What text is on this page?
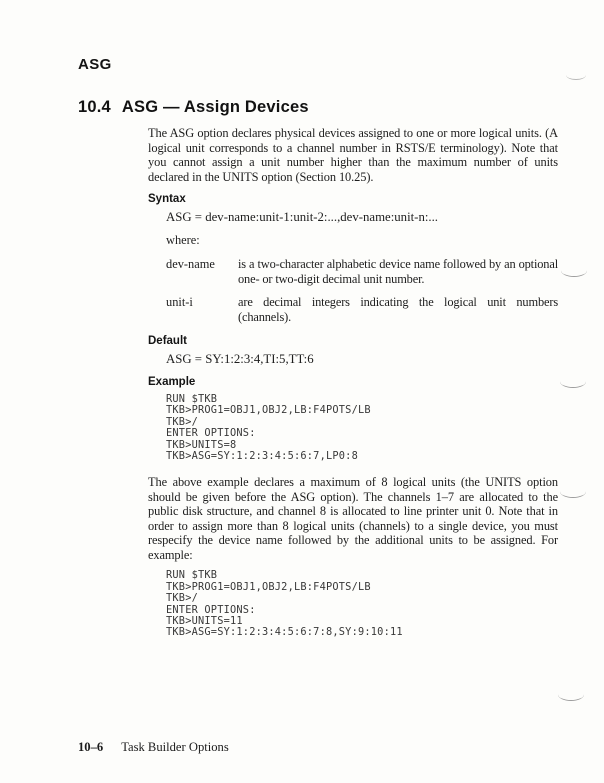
ASG
10.4 ASG — Assign Devices

The ASG option declares physical devices assigned to one or more logical units. (A logical unit corresponds to a channel number in RSTS/E terminology). Note that you cannot assign a unit number higher than the maximum number of units declared in the UNITS option (Section 10.25).

Syntax
ASG = dev-name:unit-1:unit-2:...,dev-name:unit-n:...
where:
dev-name	is a two-character alphabetic device name followed by an optional one- or two-digit decimal unit number.
unit-i	are decimal integers indicating the logical unit numbers (channels).
Default
ASG = SY:1:2:3:4,TI:5,TT:6
Example
RUN $TKB
TKB>PROG1=OBJ1,OBJ2,LB:F4POTS/LB
TKB>/
ENTER OPTIONS:
TKB>UNITS=8
TKB>ASG=SY:1:2:3:4:5:6:7,LP0:8

The above example declares a maximum of 8 logical units (the UNITS option should be given before the ASG option). The channels 1–7 are allocated to the public disk structure, and channel 8 is allocated to line printer unit 0. Note that in order to assign more than 8 logical units (channels) to a single device, you must respecify the device name followed by the additional units to be assigned. For example:

RUN $TKB
TKB>PROG1=OBJ1,OBJ2,LB:F4POTS/LB
TKB>/
ENTER OPTIONS:
TKB>UNITS=11
TKB>ASG=SY:1:2:3:4:5:6:7:8,SY:9:10:11
10–6 Task Builder Options
